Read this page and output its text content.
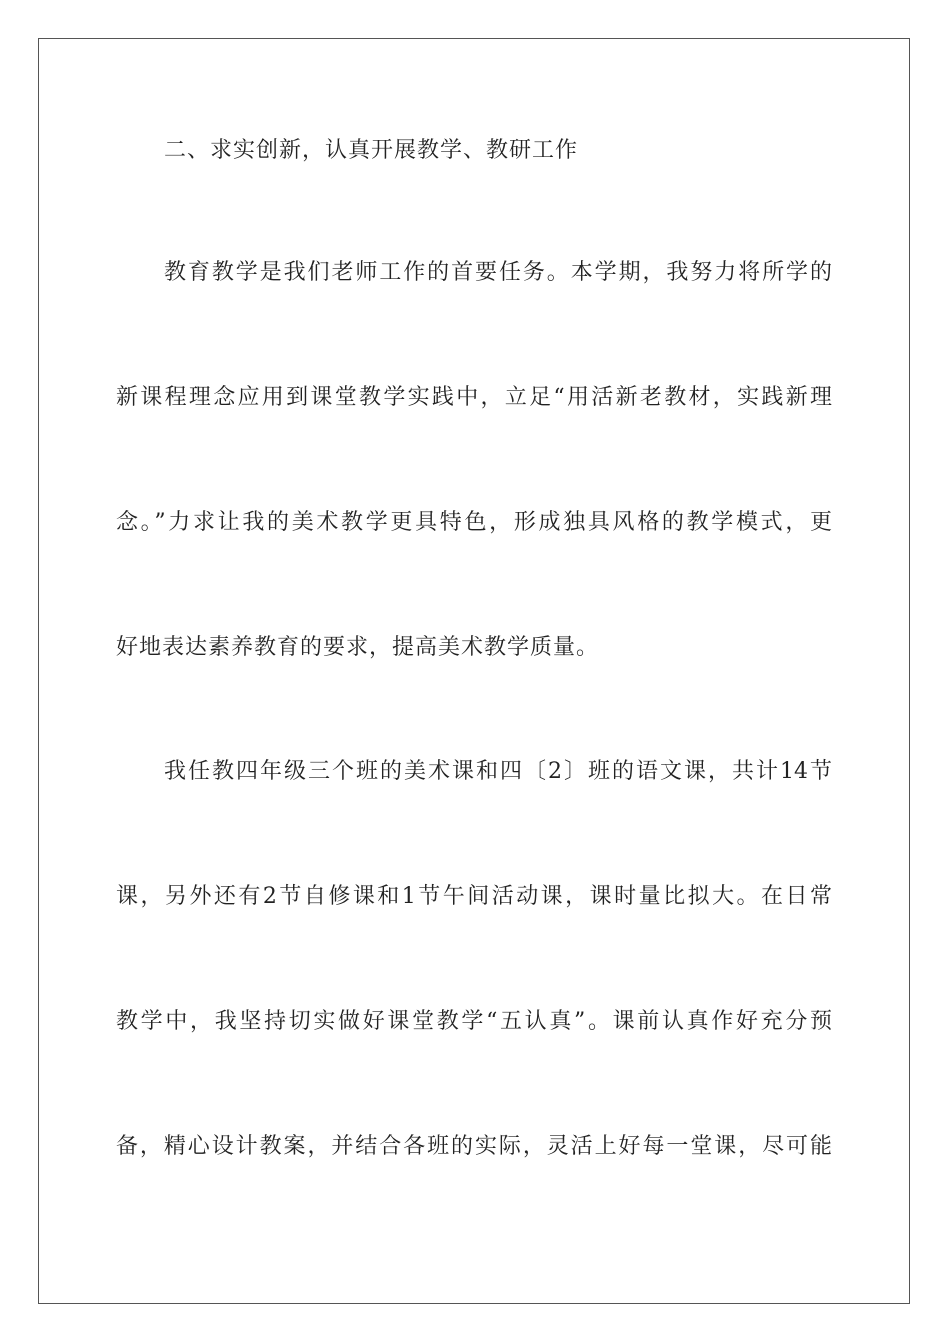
二、求实创新，认真开展教学、教研工作
教育教学是我们老师工作的首要任务。本学期，我努力将所学的
新课程理念应用到课堂教学实践中，立足“用活新老教材，实践新理
念。”力求让我的美术教学更具特色，形成独具风格的教学模式，更
好地表达素养教育的要求，提高美术教学质量。
我任教四年级三个班的美术课和四〔2〕班的语文课，共计14节
课，另外还有2节自修课和1节午间活动课，课时量比拟大。在日常
教学中，我坚持切实做好课堂教学“五认真”。课前认真作好充分预
备，精心设计教案，并结合各班的实际，灵活上好每一堂课，尽可能
